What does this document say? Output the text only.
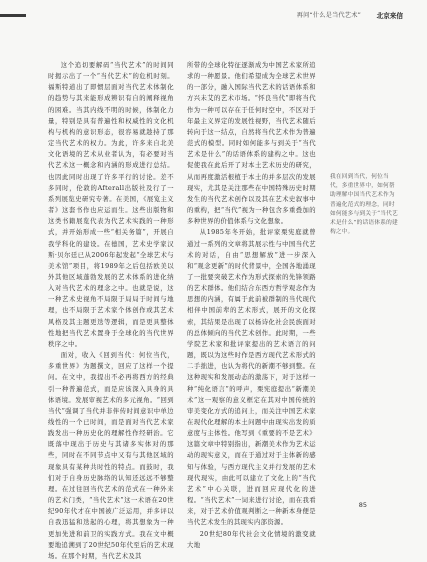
再问“什么是当代艺术” 北京来信

这个追切要解码“当代艺术”的时间同时揭示出了一个“当代艺术”的危机时刻。福斯特道出了即惯层面对当代艺术体制化的趋势与其来能形成辨识有自的阐释视角的困难。当其内线不明的时候，体制化力量，特别是具有普遍性和权威性的文化机构与机构的意识形态，很容易就趁持了那定当代艺术的权力。为此，许多来自北美文化语境的艺术从业者认为，有必要对当代艺术这一概念和内涵的形成进行总结。也因此同时出现了许多平行的讨论。差不多同时，伦敦的Afterall出版社及行了一系列展览史研究专著。在美国，《展览主义者》这套书作也应运而生。这些出版物和这类书籍展览代表为代艺术实践的一种形式，并开始形成一些“相关务篇”，开展自我学科化的建设。在德国，艺术史学家汉斯·贝尔廷已从2006年起发起“全球艺术与美术馆”项目，将1989年之后包括欧美以外其他区域蓬勃发展的艺术体系的进化纳入对当代艺术的理念之中。也就是说，这一种艺术史视角不局限于局局于时间与地理，也不局限于艺术家个体创作或其艺术风格及其主题更迭等逻辑，而是更具整体性地把当代艺术置身于全球化的当代世界秩序之中。

面对，收入《回到当代：何位当代，多重世界》为题撰文，回应了这样一个提问。在文中，我提出不必再将西方的经典引一种普遍范式，而是应该深入具身的具体语境。发展审视艺术的多元视角。“回到当代”强调了当代并非伴传时间意识中单边线性的一个已时间，而是面对当代艺术家践发出一种历史化的理解性作经研治。它既落中现出于历史与其诸多实体对的那些，同时在不同节点中又有与其他区域的现象具有某种共时性的特点。而鼓时，我们对于自身历史脉络的认知还远远不够整理。在过往回当代艺术的范式在一种外来的艺术门类，“当代艺术”这一术语在20世纪90年代才在中国被广泛运用，并多评以自我迅猛和迭起的心理，将其想象为一种更加先进和前卫的实践方式。我在文中概要地追溯到了20世纪50年代至后的艺术现场。在那个时期，当代艺术及其

所带的全球化特征逐渐成为中国艺术家所追求的一种愿景。他们希望成为全球艺术世界的一部分，融入国际当代艺术的话语体系和方兴未艾的艺术市场。“怀良当代”即将当代作为一种可以存在于任何时空中，不区对于年最主义界定的发展性视野，当代艺术随后转向于这一结点，自然将当代艺术作为普遍范式的模型。同时如何能多与到关于“当代艺术是什么”的话语体系的建构之中。这也促使我在此后开了对本土艺术历史的研究，从而再度激活根植于本土的并多层次的发展现实，尤其是关注那些在中国特殊历史时期发生的当代艺术创作以及其在艺术史叙事中的重构，把“当代”视为一种包含多重叠加的多种世界的价值体系与文化想象。

从1985年冬开始，批评家栗宪庭就曾通过一系列的文章将其展示性与中国当代艺术的对话，自由“思想解放”进一步深入和“观念更新”的时代背景中，全国各地涌现了一批要突破艺术作为形式探索的先锋领路的艺术群体。他们结合东西方哲学观念作为思想的内涵，有属于此前被群制的当代现代相伴中国前辈的艺术形式，展开的文化探索，其结果是出现了以杨诗化社会民族面对的总体倾向的当代艺术创作。此时期，一些学院艺术家和批评家提出的艺术语言的问题，既以为这些时作是西方现代艺术形式的二手拙进，也认为将代的新潮不够到整。在这种现实和发展动态的激荡下，对于这样一种“纯化语言”的呼声，栗宪庭提出“新潮美术”这一观察的意义框定在其对中国传统的审美变化方式的追问上，而关注中国艺术家在现代化理解的本土问题中由现实出发的质意度与主体性。他写到《重要的不是艺术》这篇文章中特别指出，新潮美术作为艺术运动的现实意义，而在于通过对于主体新的感知与体验，与西方现代主义并行发展的艺术现代现实，由此可以建立了文化上的“当代艺术”中心关联，进而回应现代化的进程。“当代艺术”一词来进行讨论，而在我看来，对于艺术价值观判断之一种新本身便是当代艺术发生的其现实内部资源。

20世纪80年代社会文化情境的激变就大地

我在回到当代，何位当代，多重世界中，如何帮助理解中国当代艺术作为普遍化范式的理念，同时如何能多与到关于“当代艺术是什么”的话语体系的建构之中。
85
